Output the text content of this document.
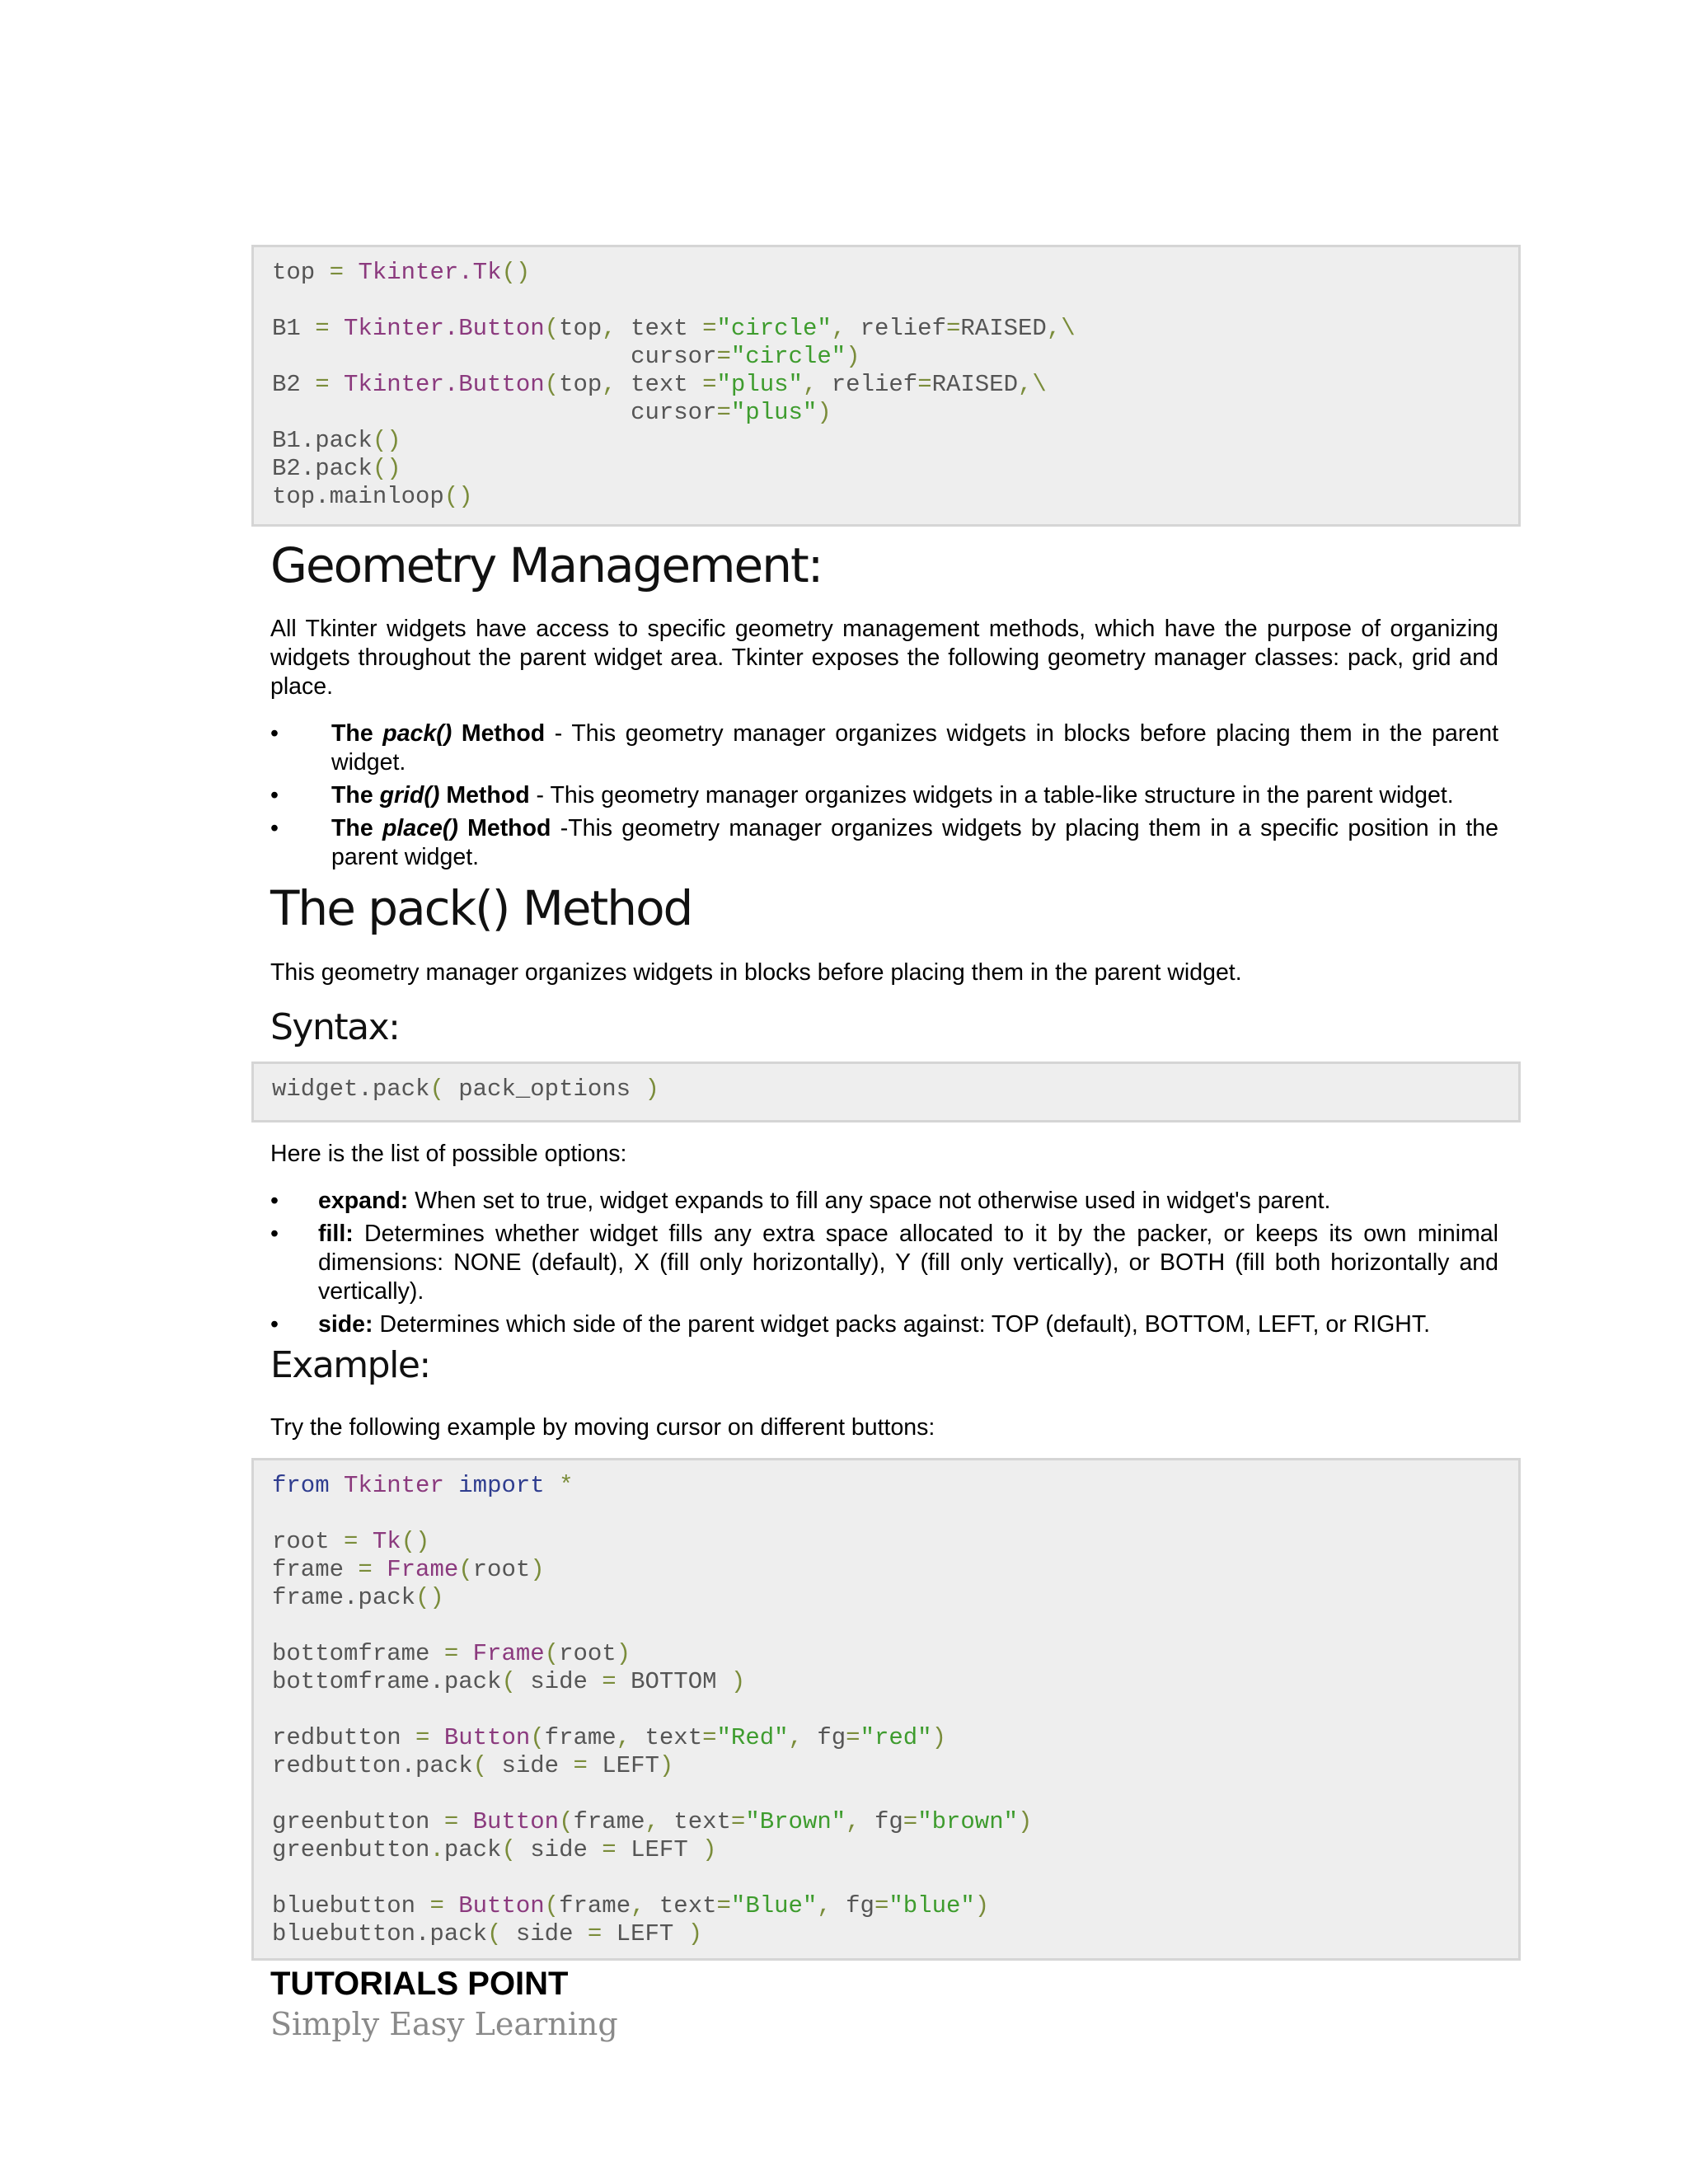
top = Tkinter.Tk()
B1 = Tkinter.Button(top, text ="circle", relief=RAISED,\
cursor="circle")
B2 = Tkinter.Button(top, text ="plus", relief=RAISED,\
cursor="plus")
B1.pack()
B2.pack()
top.mainloop()
Geometry Management:

All Tkinter widgets have access to specific geometry management methods, which have the purpose of organizing widgets throughout the parent widget area. Tkinter exposes the following geometry manager classes: pack, grid and place.

• The pack() Method - This geometry manager organizes widgets in blocks before placing them in the parent widget.
• The grid() Method - This geometry manager organizes widgets in a table-like structure in the parent widget.
• The place() Method -This geometry manager organizes widgets by placing them in a specific position in the parent widget.
The pack() Method

This geometry manager organizes widgets in blocks before placing them in the parent widget.

Syntax:
widget.pack( pack_options )

Here is the list of possible options:

• expand: When set to true, widget expands to fill any space not otherwise used in widget's parent.
• fill: Determines whether widget fills any extra space allocated to it by the packer, or keeps its own minimal dimensions: NONE (default), X (fill only horizontally), Y (fill only vertically), or BOTH (fill both horizontally and vertically).
• side: Determines which side of the parent widget packs against: TOP (default), BOTTOM, LEFT, or RIGHT.
Example:

Try the following example by moving cursor on different buttons:

from Tkinter import *
root = Tk()
frame = Frame(root)
frame.pack()
bottomframe = Frame(root)
bottomframe.pack( side = BOTTOM )
redbutton = Button(frame, text="Red", fg="red")
redbutton.pack( side = LEFT)
greenbutton = Button(frame, text="Brown", fg="brown")
greenbutton.pack( side = LEFT )
bluebutton = Button(frame, text="Blue", fg="blue")
bluebutton.pack( side = LEFT )

TUTORIALS POINT

Simply Easy Learning
